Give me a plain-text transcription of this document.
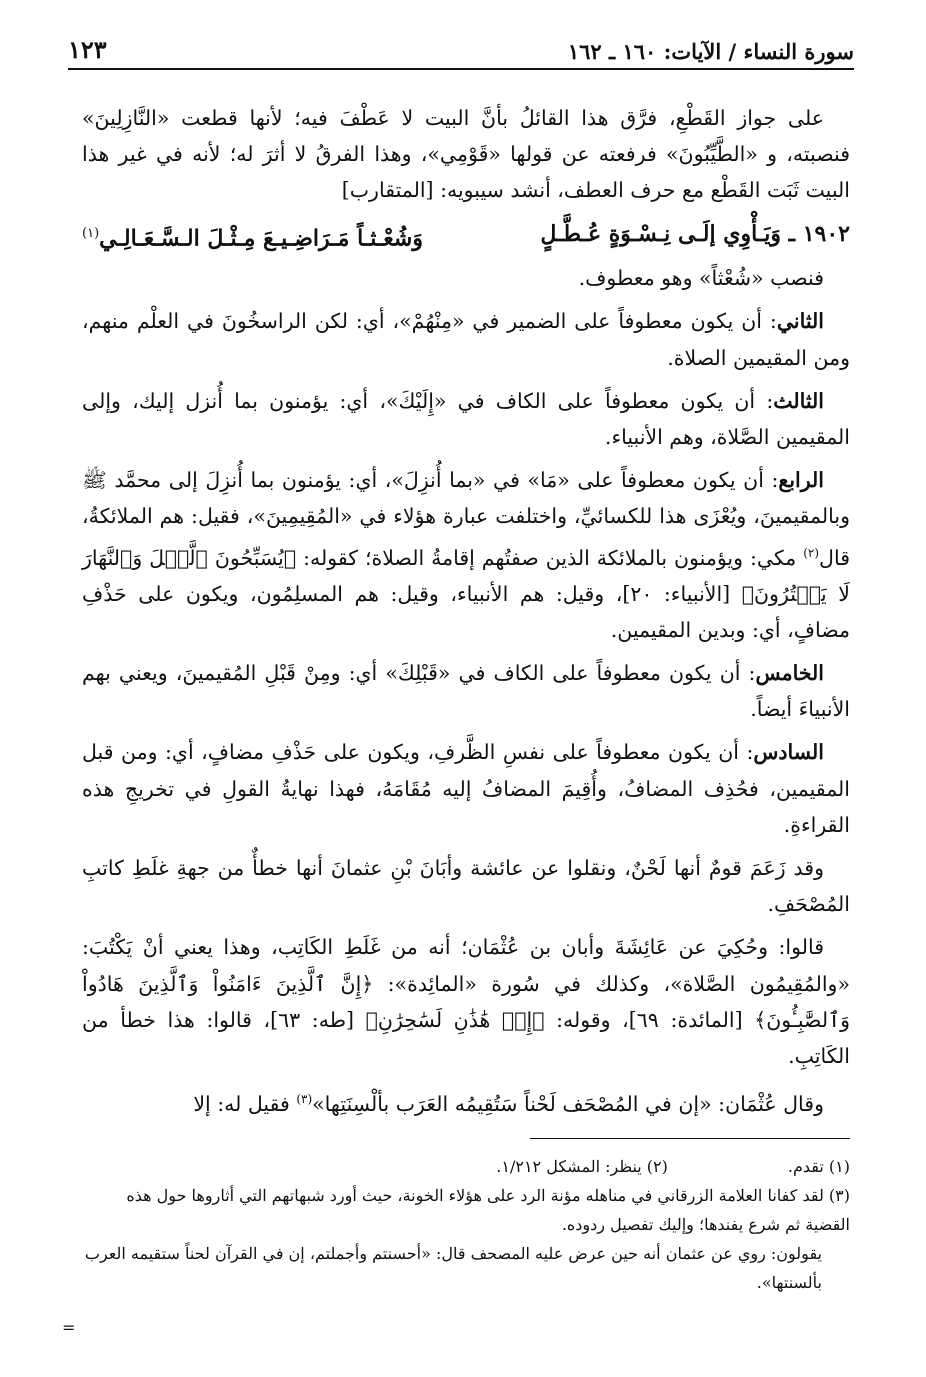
سورة النساء / الآيات: ١٦٠ ـ ١٦٢
١٢٣

على جواز القَطْعِ، فرَّق هذا القائلُ بأنَّ البيت لا عَطْفَ فيه؛ لأنها قطعت «النَّازِلِينَ» فنصبته، و «الطَّيِّبُونَ» فرفعته عن قولها «قَوْمِي»، وهذا الفرقُ لا أثرَ له؛ لأنه في غير هذا البيت ثَبَت القَطْع مع حرف العطف، أنشد سيبويه: [المتقارب]

١٩٠٢ ـ وَيَـأْوِي إلَـى نِـسْـوَةٍ عُـطَّـلٍ
وَشُعْـثـاً مَـرَاضِـيـعَ مِـثْـلَ الـسَّـعَـالِـي$^{(١)}$

فنصب «شُعْثاً» وهو معطوف.

الثاني: أن يكون معطوفاً على الضمير في «مِنْهُمْ»، أي: لكن الراسخُونَ في العلْم منهم، ومن المقيمين الصلاة.

الثالث: أن يكون معطوفاً على الكاف في «إِلَيْكَ»، أي: يؤمنون بما أُنزل إليك، وإلى المقيمين الصَّلاة، وهم الأنبياء.

الرابع: أن يكون معطوفاً على «مَا» في «بما أُنزِلَ»، أي: يؤمنون بما أُنزِلَ إلى محمَّد ﷺ وبالمقيمينَ، ويُعْزَى هذا للكسائيِّ، واختلفت عبارة هؤلاء في «المُقِيمِينَ»، فقيل: هم الملائكةُ، قال$^{(٢)}$ مكي: ويؤمنون بالملائكة الذين صفتُهم إقامةُ الصلاة؛ كقوله: ﴿يُسَبِّحُونَ ٱلَّيۡلَ وَٱلنَّهَارَ لَا يَفۡتُرُونَ﴾ [الأنبياء: ٢٠]، وقيل: هم الأنبياء، وقيل: هم المسلِمُون، ويكون على حَذْفِ مضافٍ، أي: وبدين المقيمين.

الخامس: أن يكون معطوفاً على الكاف في «قَبْلِكَ» أي: ومِنْ قَبْلِ المُقيمينَ، ويعني بهم الأنبياءَ أيضاً.

السادس: أن يكون معطوفاً على نفسِ الظَّرفِ، ويكون على حَذْفِ مضافٍ، أي: ومن قبل المقيمين، فحُذِف المضافُ، وأُقِيمَ المضافُ إليه مُقَامَهُ، فهذا نهايةُ القولِ في تخريجِ هذه القراءةِ.

وقد زَعَمَ قومٌ أنها لَحْنٌ، ونقلوا عن عائشة وأبَانَ بْنِ عثمانَ أنها خطأٌ من جهةِ غلَطِ كاتبِ المُصْحَفِ.

قالوا: وحُكِيَ عن عَائِشَةَ وأبان بن عُثْمَان؛ أنه من غَلَطِ الكَاتِب، وهذا يعني أنْ يَكْتُبَ: «والمُقِيمُون الصَّلاة»، وكذلك في سُورة «المائِدة»: ﴿إِنَّ ٱلَّذِينَ ءَامَنُواْ وَٱلَّذِينَ هَادُواْ وَٱلصَّٰبِـُٔونَ﴾ [المائدة: ٦٩]، وقوله: ﴿إِنۡ هَٰذَٰنِ لَسَٰحِرَٰنِ﴾ [طه: ٦٣]، قالوا: هذا خطأ من الكَاتِبِ.

وقال عُثْمَان: «إن في المُصْحَف لَحْناً سَتُقِيمُه العَرَب بألْسِنَتِها»$^{(٣)}$ فقيل له: إلا

(١) تقدم.
(٢) ينظر: المشكل ١/٢١٢.

(٣) لقد كفانا العلامة الزرقاني في مناهله مؤنة الرد على هؤلاء الخونة، حيث أورد شبهاتهم التي أثاروها حول هذه القضية ثم شرع يفندها؛ وإليك تفصيل ردوده.

يقولون: روي عن عثمان أنه حين عرض عليه المصحف قال: «أحسنتم وأجملتم، إن في القرآن لحناً ستقيمه العرب بألسنتها».

=
